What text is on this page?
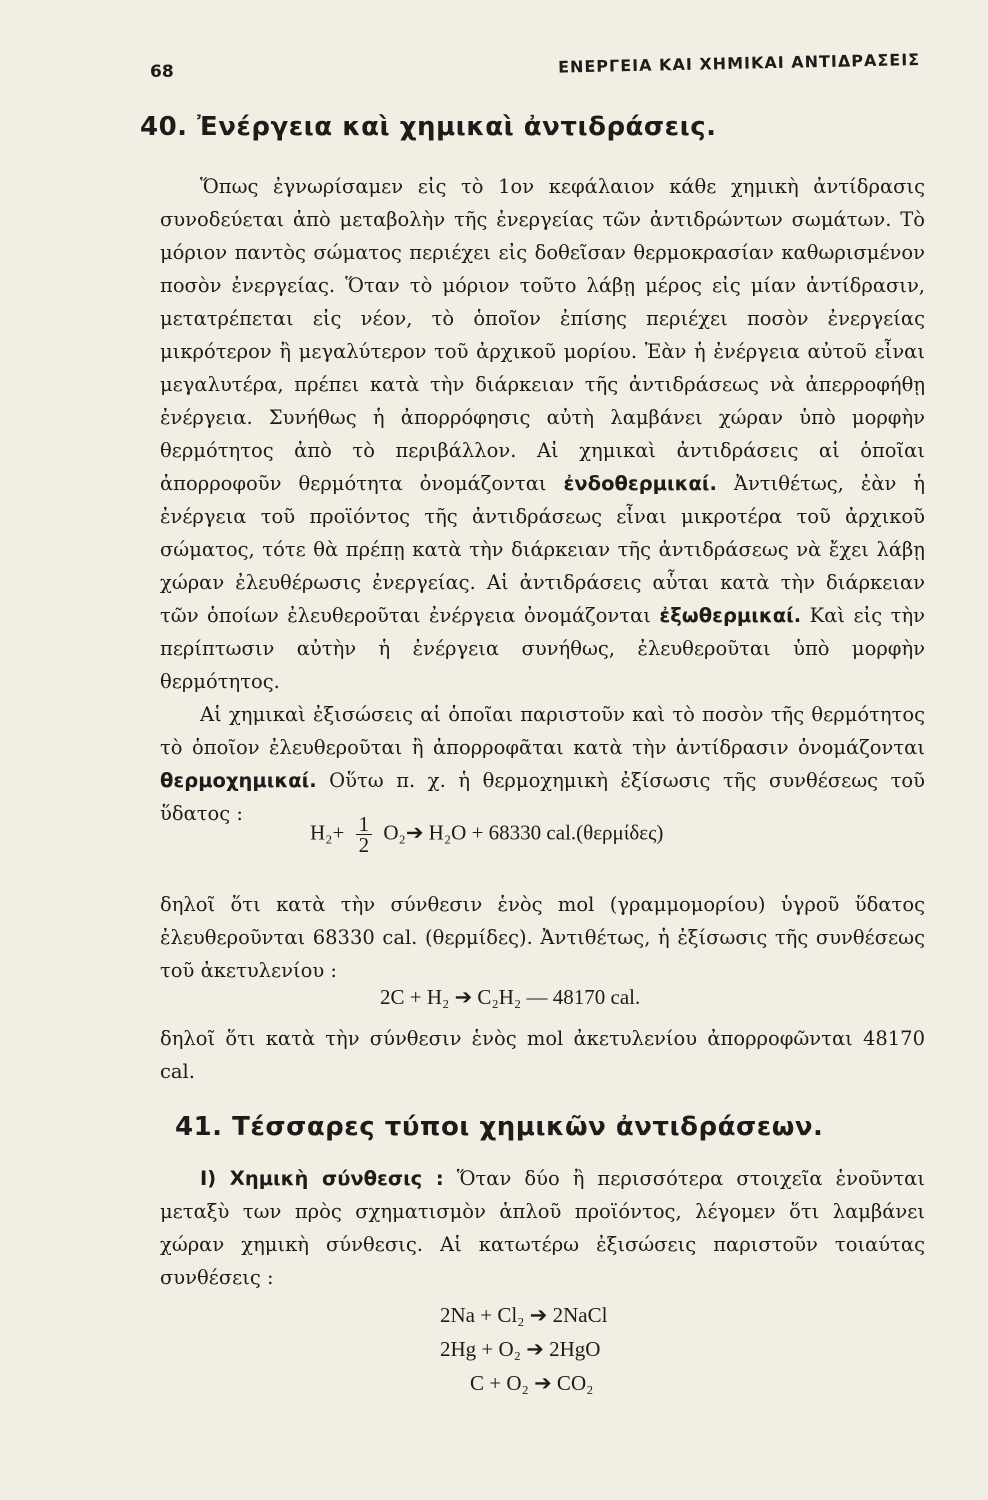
68	ΕΝΕΡΓΕΙΑ ΚΑΙ ΧΗΜΙΚΑΙ ΑΝΤΙΔΡΑΣΕΙΣ
40. Ἐνέργεια καὶ χημικαὶ ἀντιδράσεις.

Ὅπως ἐγνωρίσαμεν εἰς τὸ 1ον κεφάλαιον κάθε χημικὴ ἀντίδρασις συνοδεύεται ἀπὸ μεταβολὴν τῆς ἐνεργείας τῶν ἀντιδρώντων σωμάτων. Τὸ μόριον παντὸς σώματος περιέχει εἰς δοθεῖσαν θερμοκρασίαν καθωρισμένον ποσὸν ἐνεργείας. Ὅταν τὸ μόριον τοῦτο λάβῃ μέρος εἰς μίαν ἀντίδρασιν, μετατρέπεται εἰς νέον, τὸ ὁποῖον ἐπίσης περιέχει ποσὸν ἐνεργείας μικρότερον ἢ μεγαλύτερον τοῦ ἀρχικοῦ μορίου. Ἐὰν ἡ ἐνέργεια αὐτοῦ εἶναι μεγαλυτέρα, πρέπει κατὰ τὴν διάρκειαν τῆς ἀντιδράσεως νὰ ἀπερροφήθῃ ἐνέργεια. Συνήθως ἡ ἀπορρόφησις αὐτὴ λαμβάνει χώραν ὑπὸ μορφὴν θερμότητος ἀπὸ τὸ περιβάλλον. Αἱ χημικαὶ ἀντιδράσεις αἱ ὁποῖαι ἀπορροφοῦν θερμότητα ὀνομάζονται ἐνδοθερμικαί. Ἀντιθέτως, ἐὰν ἡ ἐνέργεια τοῦ προϊόντος τῆς ἀντιδράσεως εἶναι μικροτέρα τοῦ ἀρχικοῦ σώματος, τότε θὰ πρέπῃ κατὰ τὴν διάρκειαν τῆς ἀντιδράσεως νὰ ἔχει λάβῃ χώραν ἐλευθέρωσις ἐνεργείας. Αἱ ἀντιδράσεις αὗται κατὰ τὴν διάρκειαν τῶν ὁποίων ἐλευθεροῦται ἐνέργεια ὀνομάζονται ἐξωθερμικαί. Καὶ εἰς τὴν περίπτωσιν αὐτὴν ἡ ἐνέργεια συνήθως, ἐλευθεροῦται ὑπὸ μορφὴν θερμότητος.

Αἱ χημικαὶ ἐξισώσεις αἱ ὁποῖαι παριστοῦν καὶ τὸ ποσὸν τῆς θερμότητος τὸ ὁποῖον ἐλευθεροῦται ἢ ἀπορροφᾶται κατὰ τὴν ἀντίδρασιν ὀνομάζονται θερμοχημικαί. Οὕτω π. χ. ἡ θερμοχημικὴ ἐξίσωσις τῆς συνθέσεως τοῦ ὕδατος :

$H_2+ \frac{1}{2}$ O₂➔ H₂O + 68330 cal.(θερμίδες)

δηλοῖ ὅτι κατὰ τὴν σύνθεσιν ἑνὸς mol (γραμμομορίου) ὑγροῦ ὕδατος ἐλευθεροῦνται 68330 cal. (θερμίδες). Ἀντιθέτως, ἡ ἐξίσωσις τῆς συνθέσεως τοῦ ἀκετυλενίου :

2C + H₂ ➔ C₂H₂ — 48170 cal.

δηλοῖ ὅτι κατὰ τὴν σύνθεσιν ἑνὸς mol ἀκετυλενίου ἀπορροφῶνται 48170 cal.

41. Τέσσαρες τύποι χημικῶν ἀντιδράσεων.

I) Χημικὴ σύνθεσις : Ὅταν δύο ἢ περισσότερα στοιχεῖα ἑνοῦνται μεταξὺ των πρὸς σχηματισμὸν ἁπλοῦ προϊόντος, λέγομεν ὅτι λαμβάνει χώραν χημικὴ σύνθεσις. Αἱ κατωτέρω ἐξισώσεις παριστοῦν τοιαύτας συνθέσεις :

2Na + Cl₂ ➔ 2NaCl
2Hg + O₂ ➔ 2HgO
C + O₂ ➔ CO₂
